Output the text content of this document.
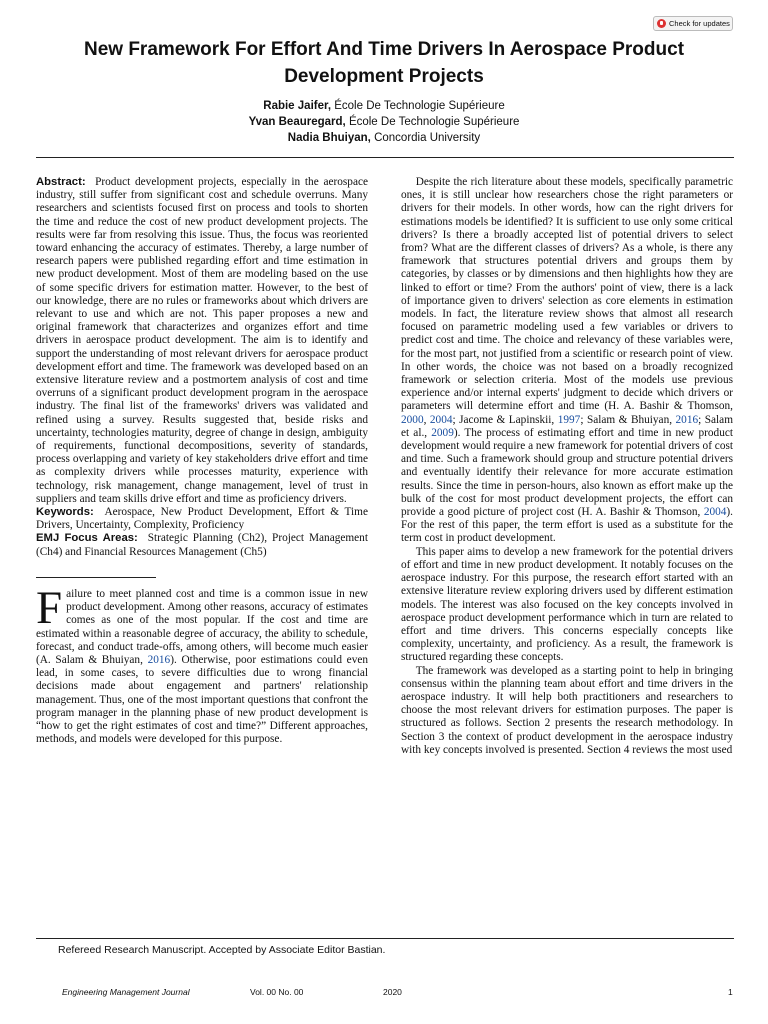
Check for updates
New Framework For Effort And Time Drivers In Aerospace Product Development Projects
Rabie Jaifer, École De Technologie Supérieure
Yvan Beauregard, École De Technologie Supérieure
Nadia Bhuiyan, Concordia University

Abstract: Product development projects, especially in the aerospace industry, still suffer from significant cost and schedule overruns. Many researchers and scientists focused first on process and tools to shorten the time and reduce the cost of new product development projects. The results were far from resolving this issue. Thus, the focus was reoriented toward enhancing the accuracy of estimates. Thereby, a large number of research papers were published regarding effort and time estimation in new product development. Most of them are modeling based on the use of some specific drivers for estimation matter. However, to the best of our knowledge, there are no rules or frameworks about which drivers are relevant to use and which are not. This paper proposes a new and original framework that characterizes and organizes effort and time drivers in aerospace product development. The aim is to identify and support the understanding of most relevant drivers for aerospace product development effort and time. The framework was developed based on an extensive literature review and a postmortem analysis of cost and time overruns of a significant product development program in the aerospace industry. The final list of the frameworks' drivers was validated and refined using a survey. Results suggested that, beside risks and uncertainty, technologies maturity, degree of change in design, ambiguity of requirements, functional decompositions, severity of standards, process overlapping and variety of key stakeholders drive effort and time as complexity drivers while processes maturity, experience with technology, risk management, change management, level of trust in suppliers and team skills drive effort and time as proficiency drivers.

Keywords: Aerospace, New Product Development, Effort & Time Drivers, Uncertainty, Complexity, Proficiency

EMJ Focus Areas: Strategic Planning (Ch2), Project Management (Ch4) and Financial Resources Management (Ch5)

Failure to meet planned cost and time is a common issue in new product development. Among other reasons, accuracy of estimates comes as one of the most popular. If the cost and time are estimated within a reasonable degree of accuracy, the ability to schedule, forecast, and conduct trade-offs, among others, will become much easier (A. Salam & Bhuiyan, 2016). Otherwise, poor estimations could even lead, in some cases, to severe difficulties due to wrong financial decisions made about engagement and partners' relationship management. Thus, one of the most important questions that confront the program manager in the planning phase of new product development is “how to get the right estimates of cost and time?” Different approaches, methods, and models were developed for this purpose.

Despite the rich literature about these models, specifically parametric ones, it is still unclear how researchers chose the right parameters or drivers for their models. In other words, how can the right drivers for estimations models be identified? It is sufficient to use only some critical drivers? Is there a broadly accepted list of potential drivers to select from? What are the different classes of drivers? As a whole, is there any framework that structures potential drivers and groups them by categories, by classes or by dimensions and then highlights how they are linked to effort or time? From the authors' point of view, there is a lack of importance given to drivers' selection as core elements in estimation models. In fact, the literature review shows that almost all research focused on parametric modeling used a few variables or drivers to predict cost and time. The choice and relevancy of these variables were, for the most part, not justified from a scientific or research point of view. In other words, the choice was not based on a broadly recognized framework or selection criteria. Most of the models use previous experience and/or internal experts' judgment to decide which drivers or parameters will determine effort and time (H. A. Bashir & Thomson, 2000, 2004; Jacome & Lapinskii, 1997; Salam & Bhuiyan, 2016; Salam et al., 2009). The process of estimating effort and time in new product development would require a new framework for potential drivers of cost and time. Such a framework should group and structure potential drivers and eventually identify their relevance for more accurate estimation results. Since the time in person-hours, also known as effort make up the bulk of the cost for most product development projects, the effort can provide a good picture of project cost (H. A. Bashir & Thomson, 2004). For the rest of this paper, the term effort is used as a substitute for the term cost in product development.

This paper aims to develop a new framework for the potential drivers of effort and time in new product development. It notably focuses on the aerospace industry. For this purpose, the research effort started with an extensive literature review exploring drivers used by different estimation models. The interest was also focused on the key concepts involved in aerospace product development performance which in turn are related to effort and time drivers. This concerns especially concepts like complexity, uncertainty, and proficiency. As a result, the framework is structured regarding these concepts.

The framework was developed as a starting point to help in bringing consensus within the planning team about effort and time drivers in the aerospace industry. It will help both practitioners and researchers to choose the most relevant drivers for estimation purposes. The paper is structured as follows. Section 2 presents the research methodology. In Section 3 the context of product development in the aerospace industry with key concepts involved is presented. Section 4 reviews the most used

Refereed Research Manuscript. Accepted by Associate Editor Bastian.
Engineering Management Journal	Vol. 00 No. 00	2020	1
